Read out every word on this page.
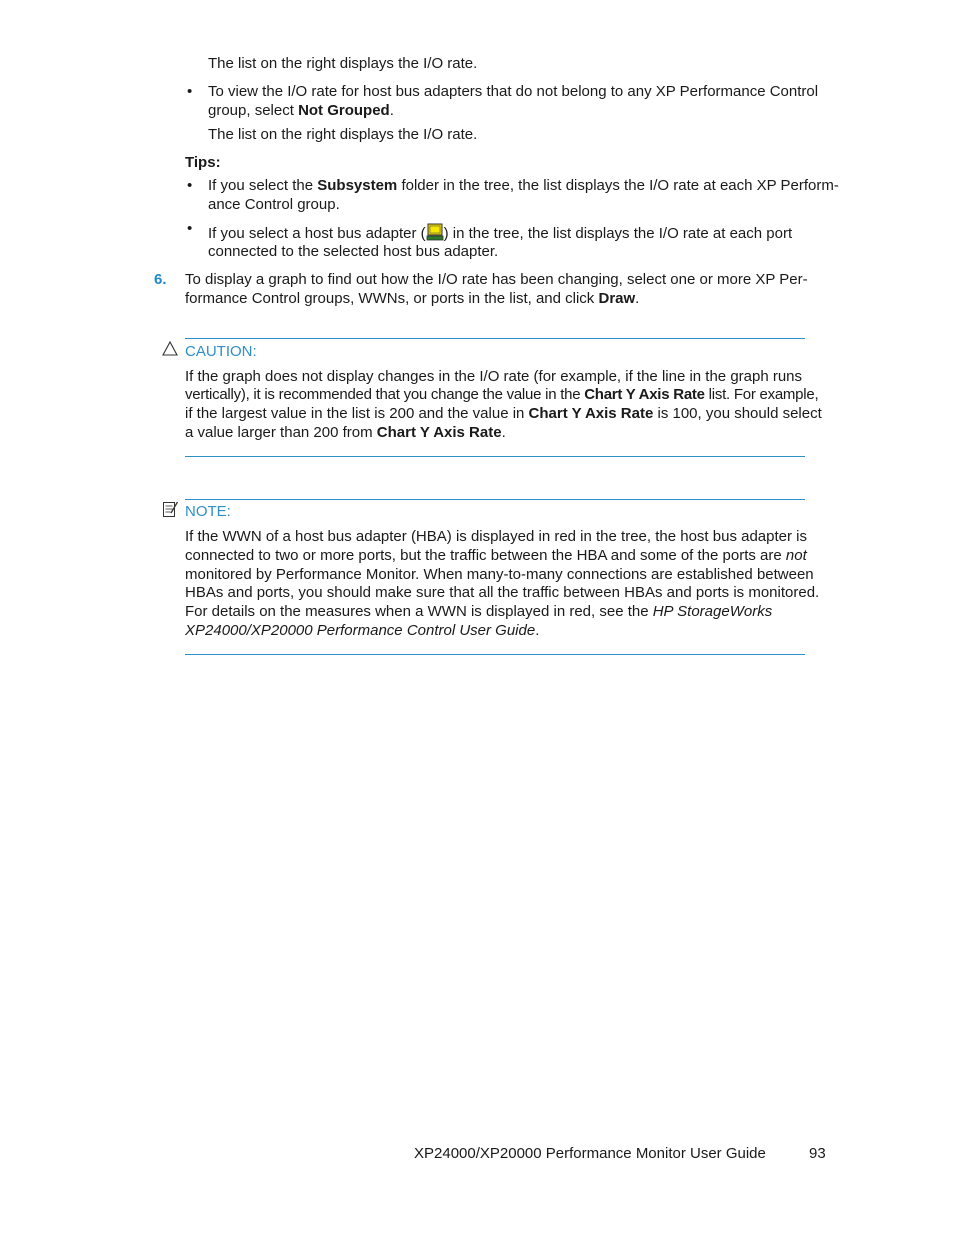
The list on the right displays the I/O rate.
• To view the I/O rate for host bus adapters that do not belong to any XP Performance Control
group, select Not Grouped.
The list on the right displays the I/O rate.
Tips:
• If you select the Subsystem folder in the tree, the list displays the I/O rate at each XP Perform-
ance Control group.
• If you select a host bus adapter ( ) in the tree, the list displays the I/O rate at each port
connected to the selected host bus adapter.
6. To display a graph to find out how the I/O rate has been changing, select one or more XP Per-
formance Control groups, WWNs, or ports in the list, and click Draw.
CAUTION:
If the graph does not display changes in the I/O rate (for example, if the line in the graph runs
vertically), it is recommended that you change the value in the Chart Y Axis Rate list. For example,
if the largest value in the list is 200 and the value in Chart Y Axis Rate is 100, you should select
a value larger than 200 from Chart Y Axis Rate.
NOTE:
If the WWN of a host bus adapter (HBA) is displayed in red in the tree, the host bus adapter is
connected to two or more ports, but the traffic between the HBA and some of the ports are not
monitored by Performance Monitor. When many-to-many connections are established between
HBAs and ports, you should make sure that all the traffic between HBAs and ports is monitored.
For details on the measures when a WWN is displayed in red, see the HP StorageWorks
XP24000/XP20000 Performance Control User Guide.
XP24000/XP20000 Performance Monitor User Guide	93
